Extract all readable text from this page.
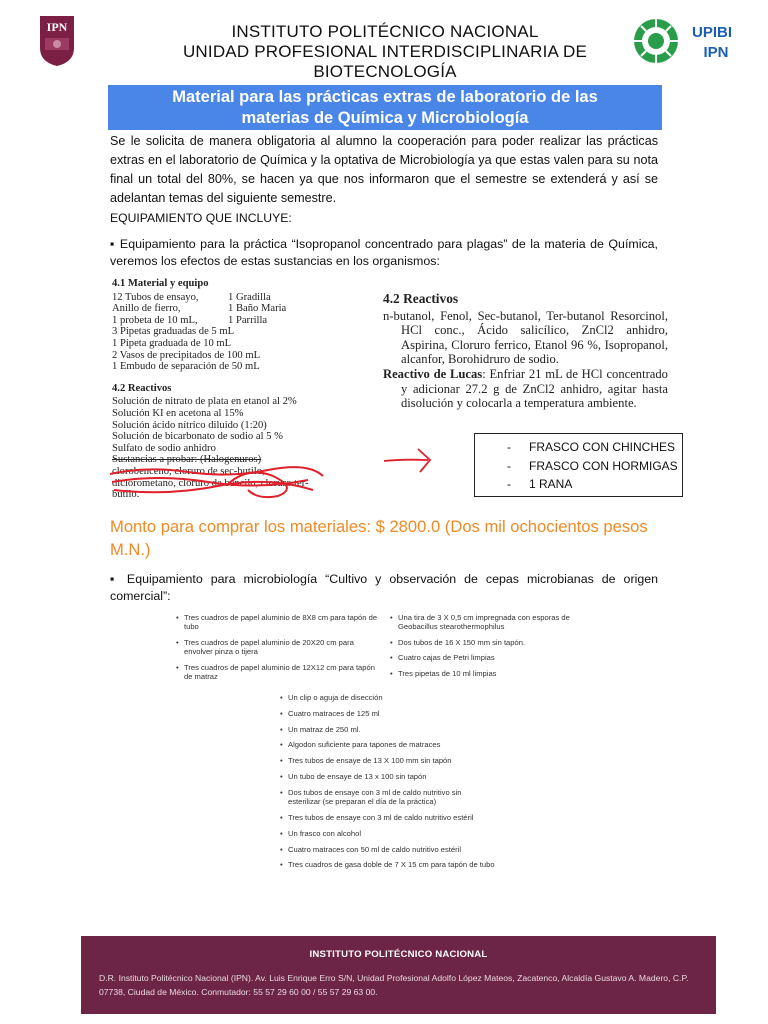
IPN	UPIBI
IPN
INSTITUTO POLITÉCNICO NACIONAL
UNIDAD PROFESIONAL INTERDISCIPLINARIA DE
BIOTECNOLOGÍA
Material para las prácticas extras de laboratorio de las
materias de Química y Microbiología

Se le solicita de manera obligatoria al alumno la cooperación para poder realizar las prácticas extras en el laboratorio de Química y la optativa de Microbiología ya que estas valen para su nota final un total del 80%, se hacen ya que nos informaron que el semestre se extenderá y así se adelantan temas del siguiente semestre.

EQUIPAMIENTO QUE INCLUYE:

▪ Equipamiento para la práctica “Isopropanol concentrado para plagas” de la materia de Química, veremos los efectos de estas sustancias en los organismos:

4.1 Material y equipo
12 Tubos de ensayo,	1 Gradilla
Anillo de fierro,	1 Baño Maria
1 probeta de 10 mL,	1 Parrilla
3 Pipetas graduadas de 5 mL
1 Pipeta graduada de 10 mL
2 Vasos de precipitados de 100 mL
1 Embudo de separación de 50 mL
4.2 Reactivos
Solución de nitrato de plata en etanol al 2%
Solución KI en acetona al 15%
Solución ácido nítrico diluido (1:20)
Solución de bicarbonato de sodio al 5 %
Sulfato de sodio anhidro
Sustancias a probar: (Halogenuros)
clorobenceno, cloruro de sec-butilo,
diclorometano, cloruro de bencilo, cloruro ter-
butilo.
4.2 Reactivos
n-butanol, Fenol, Sec-butanol, Ter-butanol Resorcinol, HCl conc., Ácido salicílico, ZnCl2 anhidro, Aspirina, Cloruro ferrico, Etanol 96 %, Isopropanol, alcanfor, Borohidruro de sodio.
Reactivo de Lucas: Enfriar 21 mL de HCl concentrado y adicionar 27.2 g de ZnCl2 anhidro, agitar hasta disolución y colocarla a temperatura ambiente.
- FRASCO CON CHINCHES
- FRASCO CON HORMIGAS
- 1 RANA
Monto para comprar los materiales: $ 2800.0 (Dos mil ochocientos pesos M.N.)

▪ Equipamiento para microbiología “Cultivo y observación de cepas microbianas de origen comercial”:

• Tres cuadros de papel aluminio de 8X8 cm para tapón de tubo
• Tres cuadros de papel aluminio de 20X20 cm para envolver pinza o tijera
• Tres cuadros de papel aluminio de 12X12 cm para tapón de matraz
• Una tira de 3 X 0,5 cm impregnada con esporas de Geobacillus stearothermophilus
• Dos tubos de 16 X 150 mm sin tapón.
• Cuatro cajas de Petri limpias
• Tres pipetas de 10 ml limpias
• Un clip o aguja de disección
• Cuatro matraces de 125 ml
• Un matraz de 250 ml.
• Algodon suficiente para tapones de matraces
• Tres tubos de ensaye de 13 X 100 mm sin tapón
• Un tubo de ensaye de 13 x 100 sin tapón
• Dos tubos de ensaye con 3 ml de caldo nutritivo sin esterilizar (se preparan el día de la práctica)
• Tres tubos de ensaye con 3 ml de caldo nutritivo estéril
• Un frasco con alcohol
• Cuatro matraces con 50 ml de caldo nutritivo estéril
• Tres cuadros de gasa doble de 7 X 15 cm para tapón de tubo
INSTITUTO POLITÉCNICO NACIONAL
D.R. Instituto Politécnico Nacional (IPN). Av. Luis Enrique Erro S/N, Unidad Profesional Adolfo López Mateos, Zacatenco, Alcaldía Gustavo A. Madero, C.P. 07738, Ciudad de México. Conmutador: 55 57 29 60 00 / 55 57 29 63 00.
